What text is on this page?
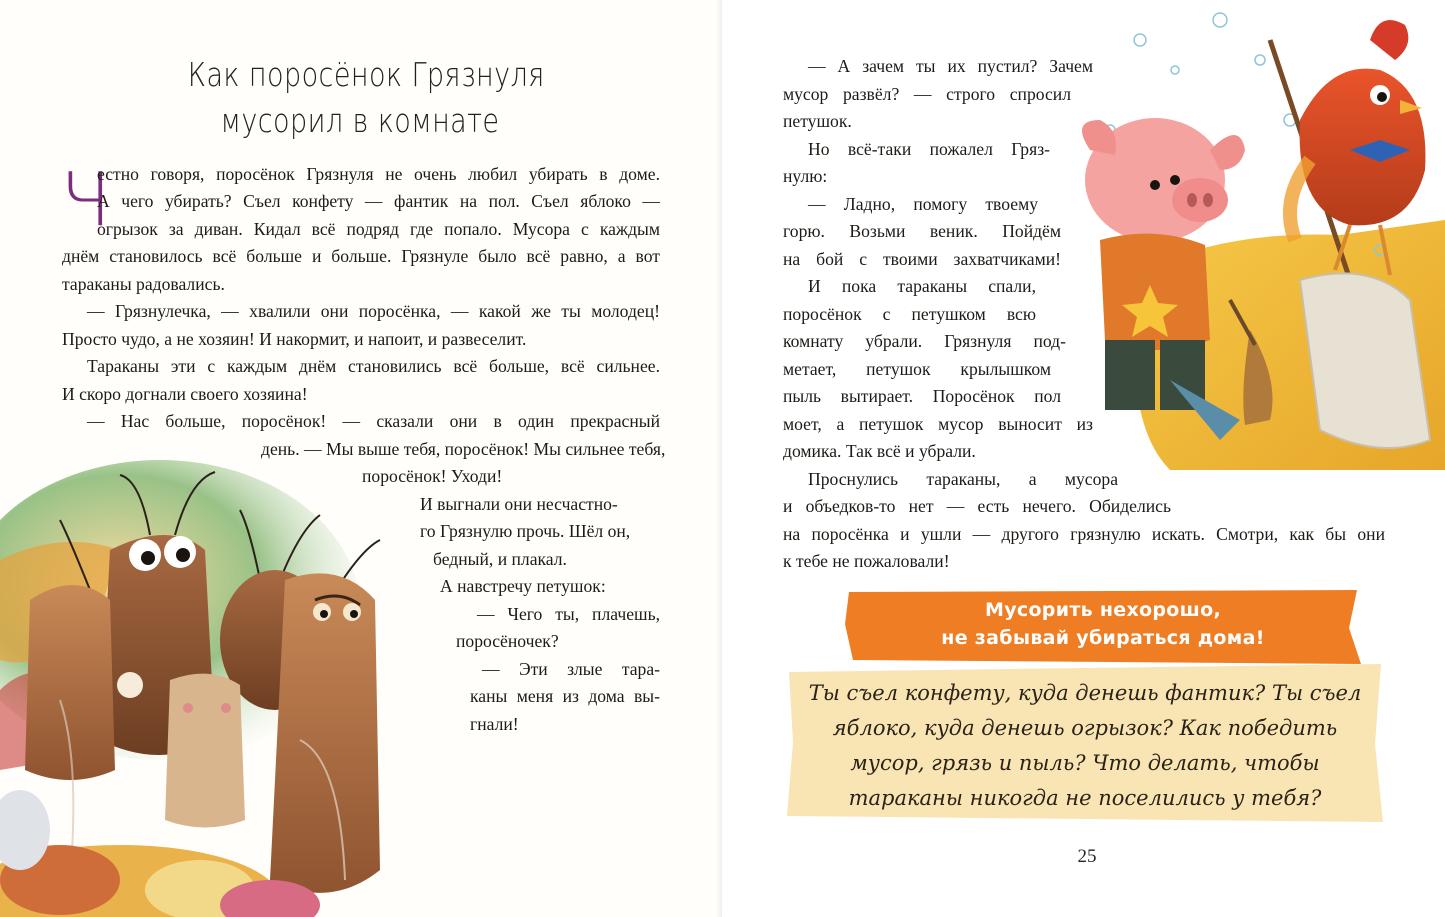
Как поросёнок Грязнуля
мусорил в комнате
Ч
естно говоря, поросёнок Грязнуля не очень любил убирать в доме.
А чего убирать? Съел конфету — фантик на пол. Съел яблоко —
огрызок за диван. Кидал всё подряд где попало. Мусора с каждым
днём становилось всё больше и больше. Грязнуле было всё равно, а вот
тараканы радовались.
— Грязнулечка, — хвалили они поросёнка, — какой же ты молодец!
Просто чудо, а не хозяин! И накормит, и напоит, и развеселит.
Тараканы эти с каждым днём становились всё больше, всё сильнее.
И скоро догнали своего хозяина!
— Нас больше, поросёнок! — сказали они в один прекрасный
день. — Мы выше тебя, поросёнок! Мы сильнее тебя,
поросёнок! Уходи!
И выгнали они несчастно-
го Грязнулю прочь. Шёл он,
бедный, и плакал.
А навстречу петушок:
— Чего ты, плачешь,
поросёночек?
— Эти злые тара-
каны меня из дома вы-
гнали!
— А зачем ты их пустил? Зачем
мусор развёл? — строго спросил
петушок.
Но всё-таки пожалел Гряз-
нулю:
— Ладно, помогу твоему
горю. Возьми веник. Пойдём
на бой с твоими захватчиками!
И пока тараканы спали,
поросёнок с петушком всю
комнату убрали. Грязнуля под-
метает, петушок крылышком
пыль вытирает. Поросёнок пол
моет, а петушок мусор выносит из
домика. Так всё и убрали.
Проснулись тараканы, а мусора
и объедков-то нет — есть нечего. Обиделись
на поросёнка и ушли — другого грязнулю искать. Смотри, как бы они
к тебе не пожаловали!
Мусорить нехорошо,
не забывай убираться дома!
Ты съел конфету, куда денешь фантик? Ты съел
яблоко, куда денешь огрызок? Как победить
мусор, грязь и пыль? Что делать, чтобы
тараканы никогда не поселились у тебя?
25
